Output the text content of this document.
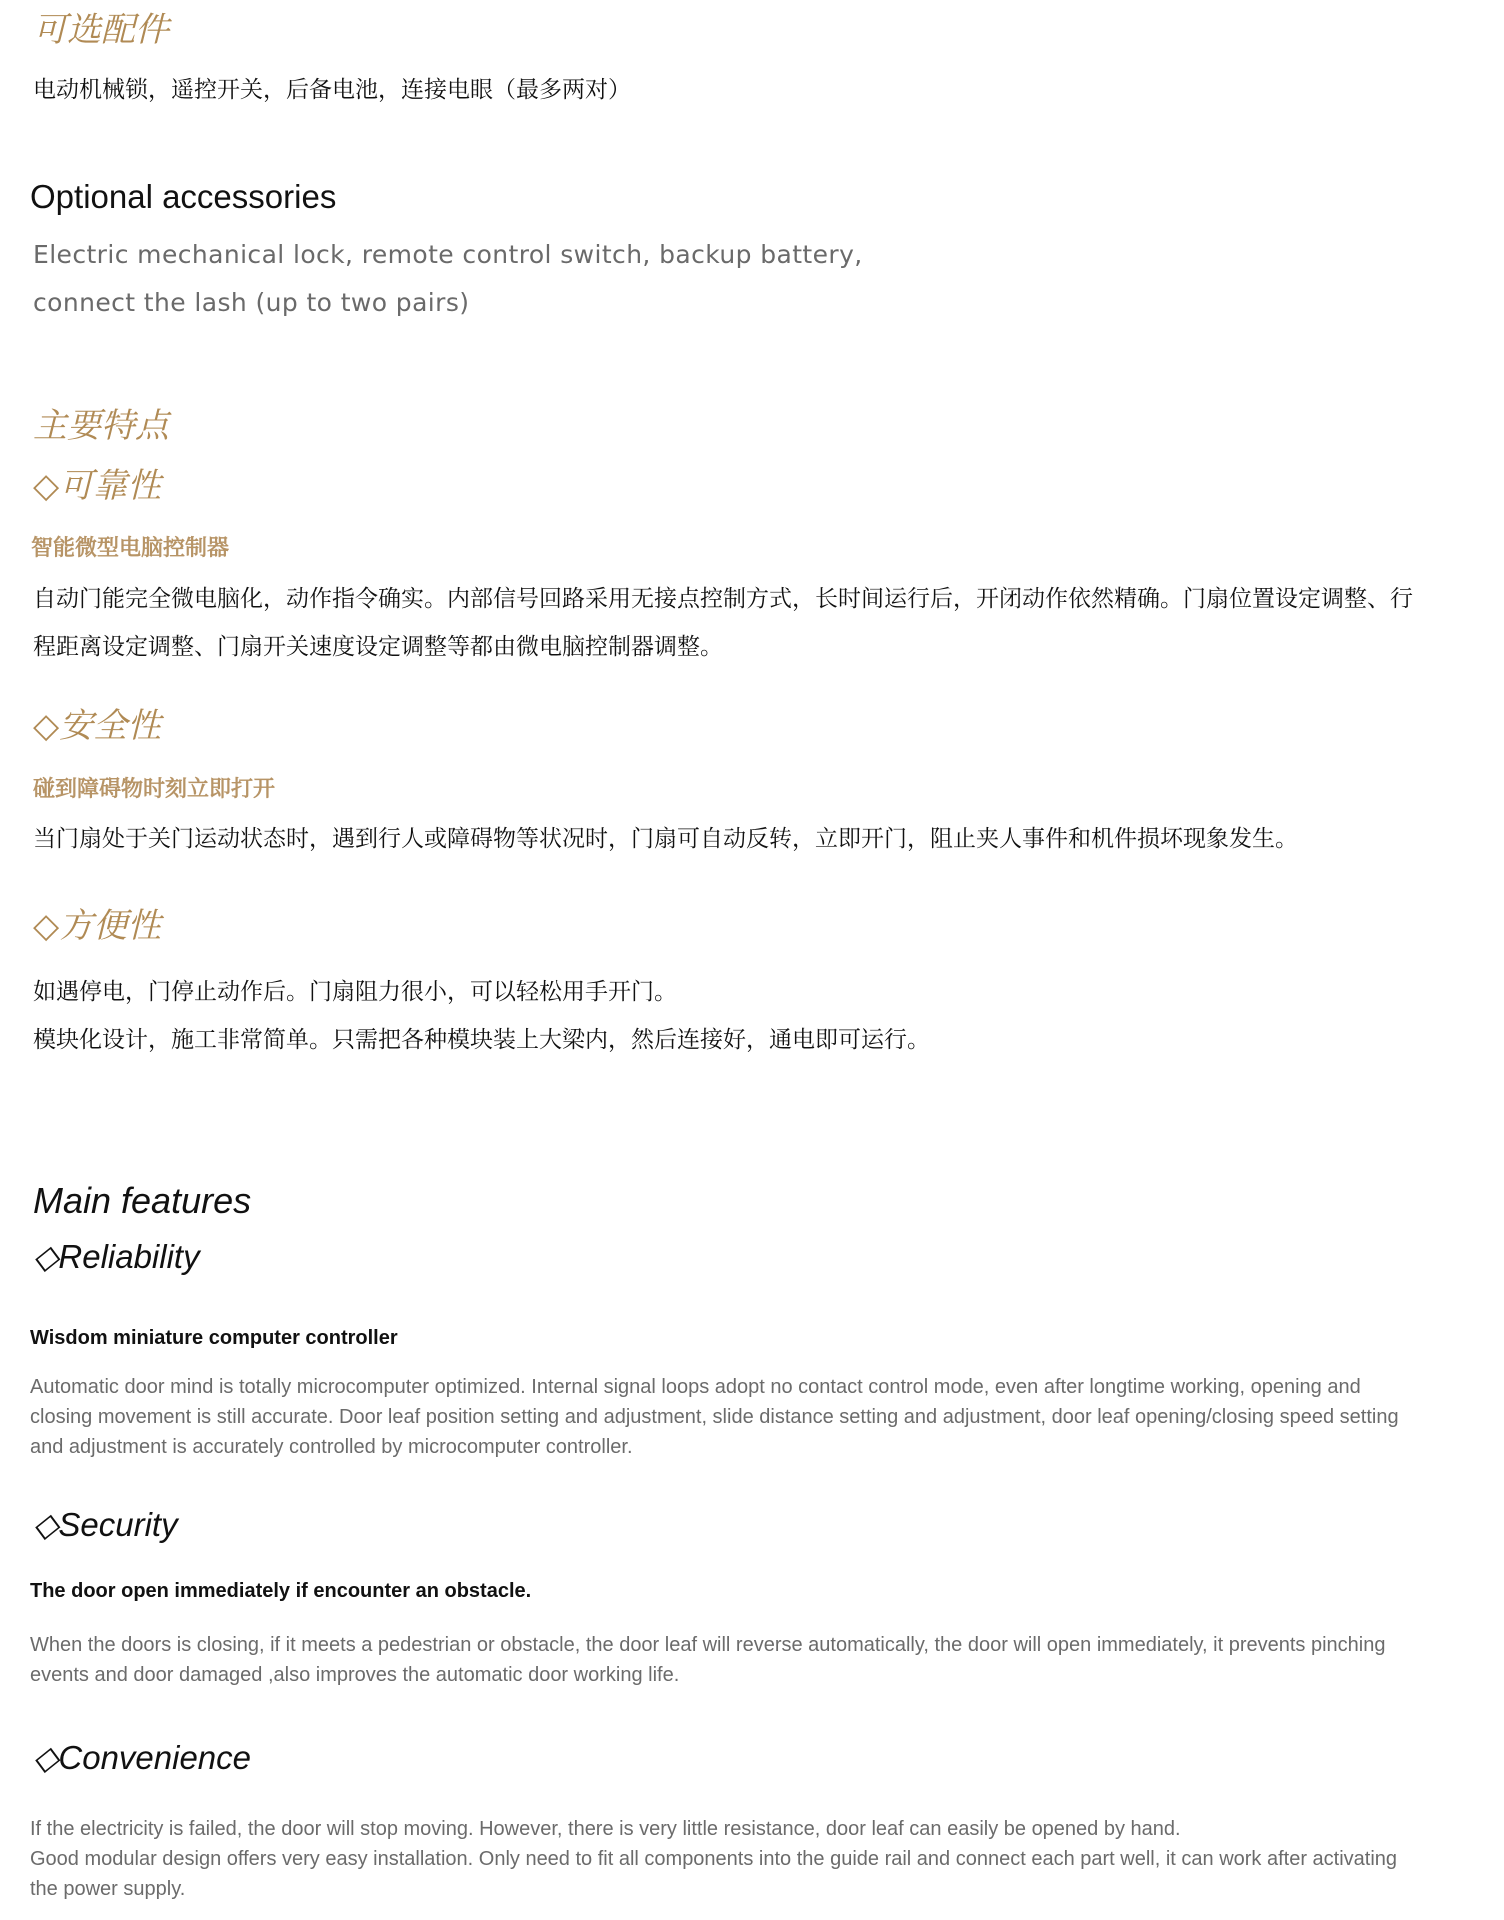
可选配件
电动机械锁，遥控开关，后备电池，连接电眼（最多两对）
Optional accessories
Electric mechanical lock, remote control switch, backup battery,
connect the lash (up to two pairs)
主要特点
◇可靠性
智能微型电脑控制器
自动门能完全微电脑化，动作指令确实。内部信号回路采用无接点控制方式，长时间运行后，开闭动作依然精确。门扇位置设定调整、行
程距离设定调整、门扇开关速度设定调整等都由微电脑控制器调整。
◇安全性
碰到障碍物时刻立即打开
当门扇处于关门运动状态时，遇到行人或障碍物等状况时，门扇可自动反转，立即开门，阻止夹人事件和机件损坏现象发生。
◇方便性
如遇停电，门停止动作后。门扇阻力很小，可以轻松用手开门。
模块化设计，施工非常简单。只需把各种模块装上大梁内，然后连接好，通电即可运行。
Main features
◇Reliability
Wisdom miniature computer controller
Automatic door mind is totally microcomputer optimized. Internal signal loops adopt no contact control mode, even after longtime working, opening and
closing movement is still accurate. Door leaf position setting and adjustment, slide distance setting and adjustment, door leaf opening/closing speed setting
and adjustment is accurately controlled by microcomputer controller.
◇Security
The door open immediately if encounter an obstacle.
When the doors is closing, if it meets a pedestrian or obstacle, the door leaf will reverse automatically, the door will open immediately, it prevents pinching
events and door damaged ,also improves the automatic door working life.
◇Convenience
If the electricity is failed, the door will stop moving. However, there is very little resistance, door leaf can easily be opened by hand.
Good modular design offers very easy installation. Only need to fit all components into the guide rail and connect each part well, it can work after activating
the power supply.
